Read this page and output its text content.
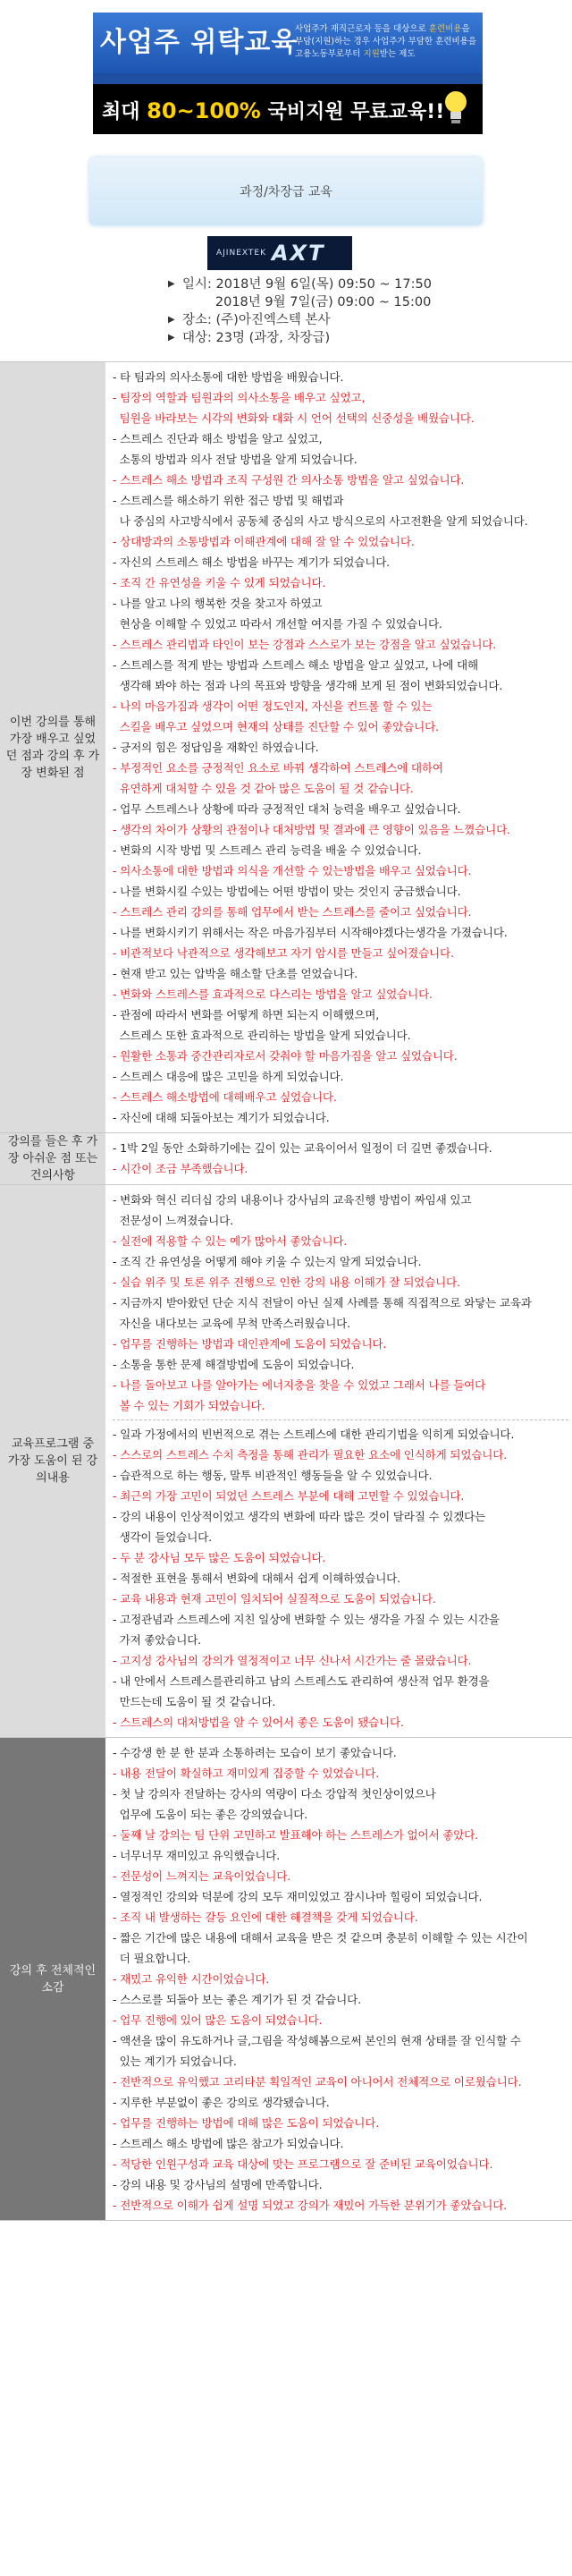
사업주 위탁교육
사업주가 재직근로자 등을 대상으로 훈련비용을 부담(지원)하는 경우 사업주가 부담한 훈련비용을 고용노동부로부터 지원받는 제도
최대 80~100% 국비지원 무료교육!!
과정/차장급 교육
AJINEXTEK AXT
▶ 일시: 2018년 9월 6일(목) 09:50 ~ 17:50
2018년 9월 7일(금) 09:00 ~ 15:00
▶ 장소: (주)아진엑스텍 본사
▶ 대상: 23명 (과장, 차장급)
이번 강의를 통해 가장 배우고 싶었던 점과 강의 후 가장 변화된 점
- 타 팀과의 의사소통에 대한 방법을 배웠습니다.
- 팀장의 역할과 팀원과의 의사소통을 배우고 싶었고,
팀원을 바라보는 시각의 변화와 대화 시 언어 선택의 신중성을 배웠습니다.
- 스트레스 진단과 해소 방법을 알고 싶었고,
소통의 방법과 의사 전달 방법을 알게 되었습니다.
- 스트레스 해소 방법과 조직 구성원 간 의사소통 방법을 알고 싶었습니다.
- 스트레스를 해소하기 위한 접근 방법 및 해법과
나 중심의 사고방식에서 공동체 중심의 사고 방식으로의 사고전환을 알게 되었습니다.
- 상대방과의 소통방법과 이해관계에 대해 잘 알 수 있었습니다.
- 자신의 스트레스 해소 방법을 바꾸는 계기가 되었습니다.
- 조직 간 유연성을 키울 수 있게 되었습니다.
- 나를 알고 나의 행복한 것을 찾고자 하였고
현상을 이해할 수 있었고 따라서 개선할 여지를 가질 수 있었습니다.
- 스트레스 관리법과 타인이 보는 강점과 스스로가 보는 강점을 알고 싶었습니다.
- 스트레스를 적게 받는 방법과 스트레스 해소 방법을 알고 싶었고, 나에 대해
생각해 봐야 하는 점과 나의 목표와 방향을 생각해 보게 된 점이 변화되었습니다.
- 나의 마음가짐과 생각이 어떤 정도인지, 자신을 컨트롤 할 수 있는
스킬을 배우고 싶었으며 현재의 상태를 진단할 수 있어 좋았습니다.
- 긍저의 힘은 정답임을 재확인 하였습니다.
- 부정적인 요소를 긍정적인 요소로 바꿔 생각하여 스트레스에 대하여
유연하게 대처할 수 있을 것 같아 많은 도움이 될 것 같습니다.
- 업무 스트레스나 상황에 따라 긍정적인 대처 능력을 배우고 싶었습니다.
- 생각의 차이가 상황의 관점이나 대처방법 및 결과에 큰 영향이 있음을 느꼈습니다.
- 변화의 시작 방법 및 스트레스 관리 능력을 배울 수 있었습니다.
- 의사소통에 대한 방법과 의식을 개선할 수 있는방법을 배우고 싶었습니다.
- 나를 변화시킬 수있는 방법에는 어떤 방법이 맞는 것인지 궁금했습니다.
- 스트레스 관리 강의를 통해 업무에서 받는 스트레스를 줄이고 싶었습니다.
- 나를 변화시키기 위해서는 작은 마음가짐부터 시작해야겠다는생각을 가졌습니다.
- 비관적보다 낙관적으로 생각해보고 자기 암시를 만들고 싶어졌습니다.
- 현재 받고 있는 압박을 해소할 단초를 얻었습니다.
- 변화와 스트레스를 효과적으로 다스리는 방법을 알고 싶었습니다.
- 관점에 따라서 변화를 어떻게 하면 되는지 이해했으며,
스트레스 또한 효과적으로 관리하는 방법을 알게 되었습니다.
- 원활한 소통과 중간관리자로서 갖춰야 할 마음가짐을 알고 싶었습니다.
- 스트레스 대응에 많은 고민을 하게 되었습니다.
- 스트레스 해소방법에 대해배우고 싶었습니다.
- 자신에 대해 되돌아보는 계기가 되었습니다.
강의를 들은 후 가장 아쉬운 점 또는 건의사항
- 1박 2일 동안 소화하기에는 깊이 있는 교육이어서 일정이 더 길면 좋겠습니다.
- 시간이 조금 부족했습니다.
교육프로그램 중 가장 도움이 된 강의내용
- 변화와 혁신 리더십 강의 내용이나 강사님의 교육진행 방법이 짜임새 있고
전문성이 느껴졌습니다.
- 실전에 적용할 수 있는 예가 많아서 좋았습니다.
- 조직 간 유연성을 어떻게 해야 키울 수 있는지 알게 되었습니다.
- 실습 위주 및 토론 위주 진행으로 인한 강의 내용 이해가 잘 되었습니다.
- 지금까지 받아왔던 단순 지식 전달이 아닌 실제 사례를 통해 직접적으로 와닿는 교육과
자신을 내다보는 교육에 무척 만족스러웠습니다.
- 업무를 진행하는 방법과 대인관계에 도움이 되었습니다.
- 소통을 통한 문제 해결방법에 도움이 되었습니다.
- 나를 돌아보고 나를 알아가는 에너지충을 찾을 수 있었고 그래서 나를 들여다
볼 수 있는 기회가 되었습니다.
- 일과 가정에서의 빈번적으로 겪는 스트레스에 대한 관리기법을 익히게 되었습니다.
- 스스로의 스트레스 수치 측정을 통해 관리가 필요한 요소에 인식하게 되었습니다.
- 습관적으로 하는 행동, 말투 비관적인 행동들을 알 수 있었습니다.
- 최근의 가장 고민이 되었던 스트레스 부분에 대해 고민할 수 있었습니다.
- 강의 내용이 인상적이었고 생각의 변화에 따라 많은 것이 달라질 수 있겠다는
생각이 들었습니다.
- 두 분 강사님 모두 많은 도움이 되었습니다.
- 적절한 표현을 통해서 변화에 대해서 쉽게 이해하였습니다.
- 교육 내용과 현재 고민이 일치되어 실질적으로 도움이 되었습니다.
- 고정관념과 스트레스에 지친 일상에 변화할 수 있는 생각을 가질 수 있는 시간을
가져 좋았습니다.
- 고지성 강사님의 강의가 열정적이고 너무 신나서 시간가는 줄 몰랐습니다.
- 내 안에서 스트레스를관리하고 남의 스트레스도 관리하여 생산적 업무 환경을
만드는데 도움이 될 것 같습니다.
- 스트레스의 대처방법을 알 수 있어서 좋은 도움이 됐습니다.
강의 후 전체적인 소감
- 수강생 한 분 한 분과 소통하려는 모습이 보기 좋았습니다.
- 내용 전달이 확실하고 재미있게 집중할 수 있었습니다.
- 첫 날 강의자 전달하는 강사의 역량이 다소 강압적 첫인상이었으나
업무에 도움이 되는 좋은 강의였습니다.
- 둘째 날 강의는 팀 단위 고민하고 발표해야 하는 스트레스가 없어서 좋았다.
- 너무너무 재미있고 유익했습니다.
- 전문성이 느껴지는 교육이었습니다.
- 열정적인 강의와 덕분에 강의 모두 재미있었고 잠시나마 힐링이 되었습니다.
- 조직 내 발생하는 갈등 요인에 대한 해결책을 갖게 되었습니다.
- 짧은 기간에 많은 내용에 대해서 교육을 받은 것 같으며 충분히 이해할 수 있는 시간이
더 필요합니다.
- 재밌고 유익한 시간이었습니다.
- 스스로를 되돌아 보는 좋은 계기가 된 것 같습니다.
- 업무 진행에 있어 많은 도움이 되었습니다.
- 액션을 많이 유도하거나 글,그림을 작성해봄으로써 본인의 현재 상태를 잘 인식할 수
있는 계기가 되었습니다.
- 전반적으로 유익했고 고리타분 획일적인 교육이 아니어서 전체적으로 이로웠습니다.
- 지루한 부분없이 좋은 강의로 생각됐습니다.
- 업무를 진행하는 방법에 대해 많은 도움이 되었습니다.
- 스트레스 해소 방법에 많은 참고가 되었습니다.
- 적당한 인원구성과 교육 대상에 맞는 프로그램으로 잘 준비된 교육이었습니다.
- 강의 내용 및 강사님의 설명에 만족합니다.
- 전반적으로 이해가 쉽게 설명 되었고 강의가 재밌어 가득한 분위기가 좋았습니다.
